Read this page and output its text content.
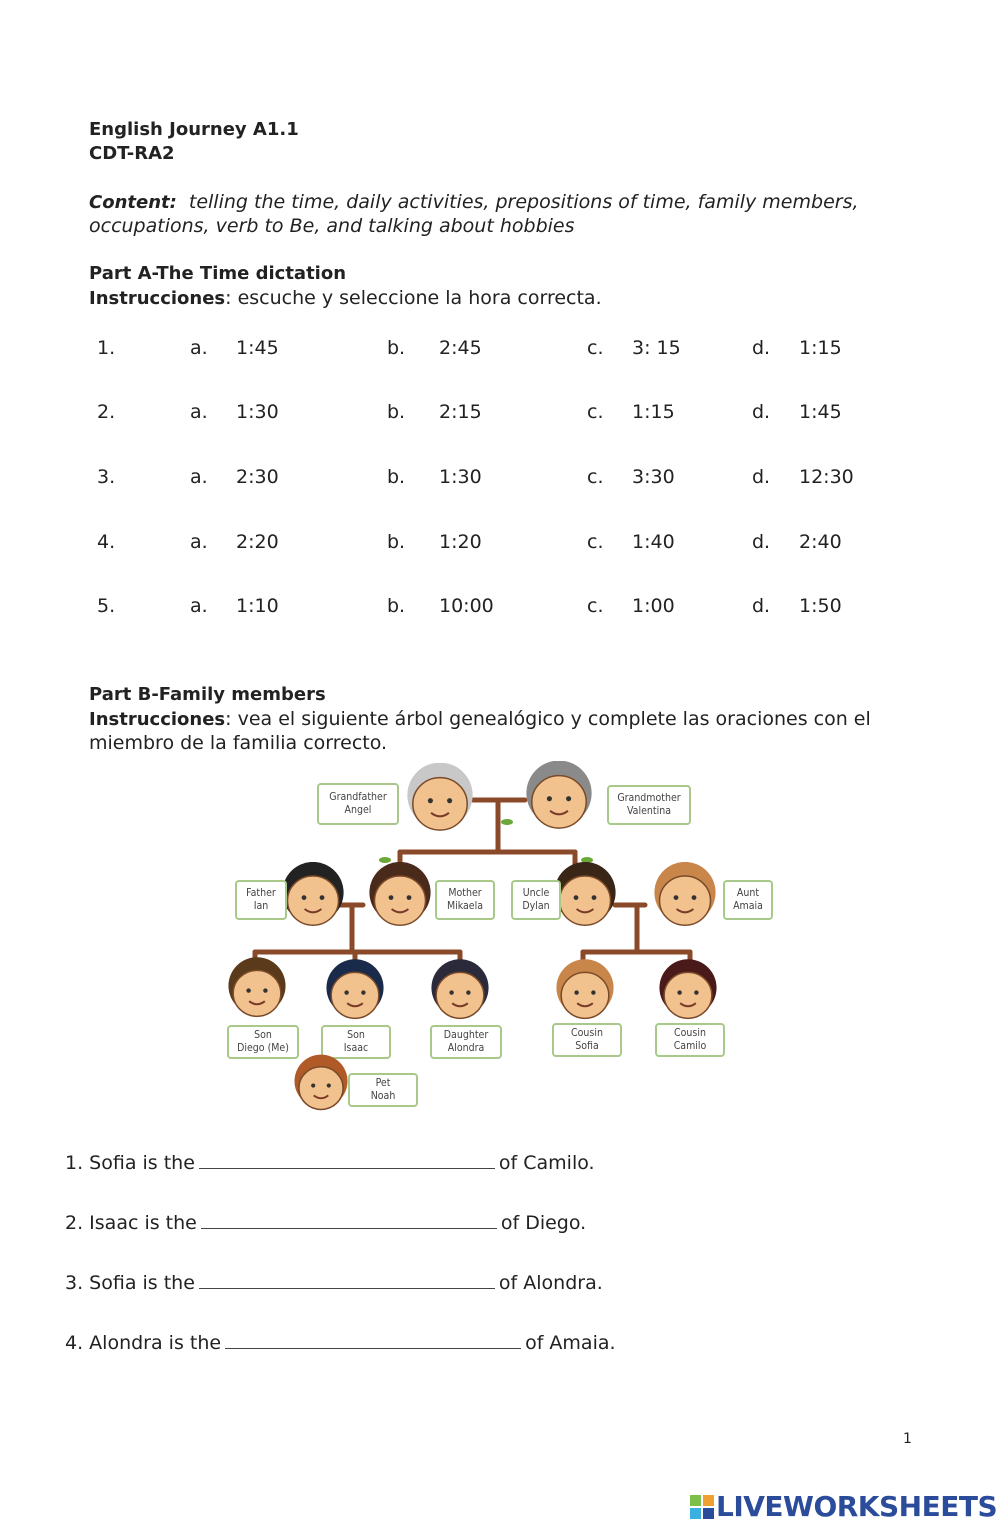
English Journey A1.1
CDT-RA2
Content: telling the time, daily activities, prepositions of time, family members,
occupations, verb to Be, and talking about hobbies
Part A-The Time dictation
Instrucciones: escuche y seleccione la hora correcta.
1.	a. 1:45	b. 2:45	c. 3: 15	d. 1:15
2.	a. 1:30	b. 2:15	c. 1:15	d. 1:45
3.	a. 2:30	b. 1:30	c. 3:30	d. 12:30
4.	a. 2:20	b. 1:20	c. 1:40	d. 2:40
5.	a. 1:10	b. 10:00	c. 1:00	d. 1:50
Part B-Family members
Instrucciones: vea el siguiente árbol genealógico y complete las oraciones con el
miembro de la familia correcto.
Grandfather
Angel
Grandmother
Valentina
Father
Ian
Mother
Mikaela
Uncle
Dylan
Aunt
Amaia
Son
Diego (Me)
Son
Isaac
Daughter
Alondra
Cousin
Sofia
Cousin
Camilo
Pet
Noah
1. Sofia is the	of Camilo.
2. Isaac is the	of Diego.
3. Sofia is the	of Alondra.
4. Alondra is the	of Amaia.
1
LIVEWORKSHEETS
